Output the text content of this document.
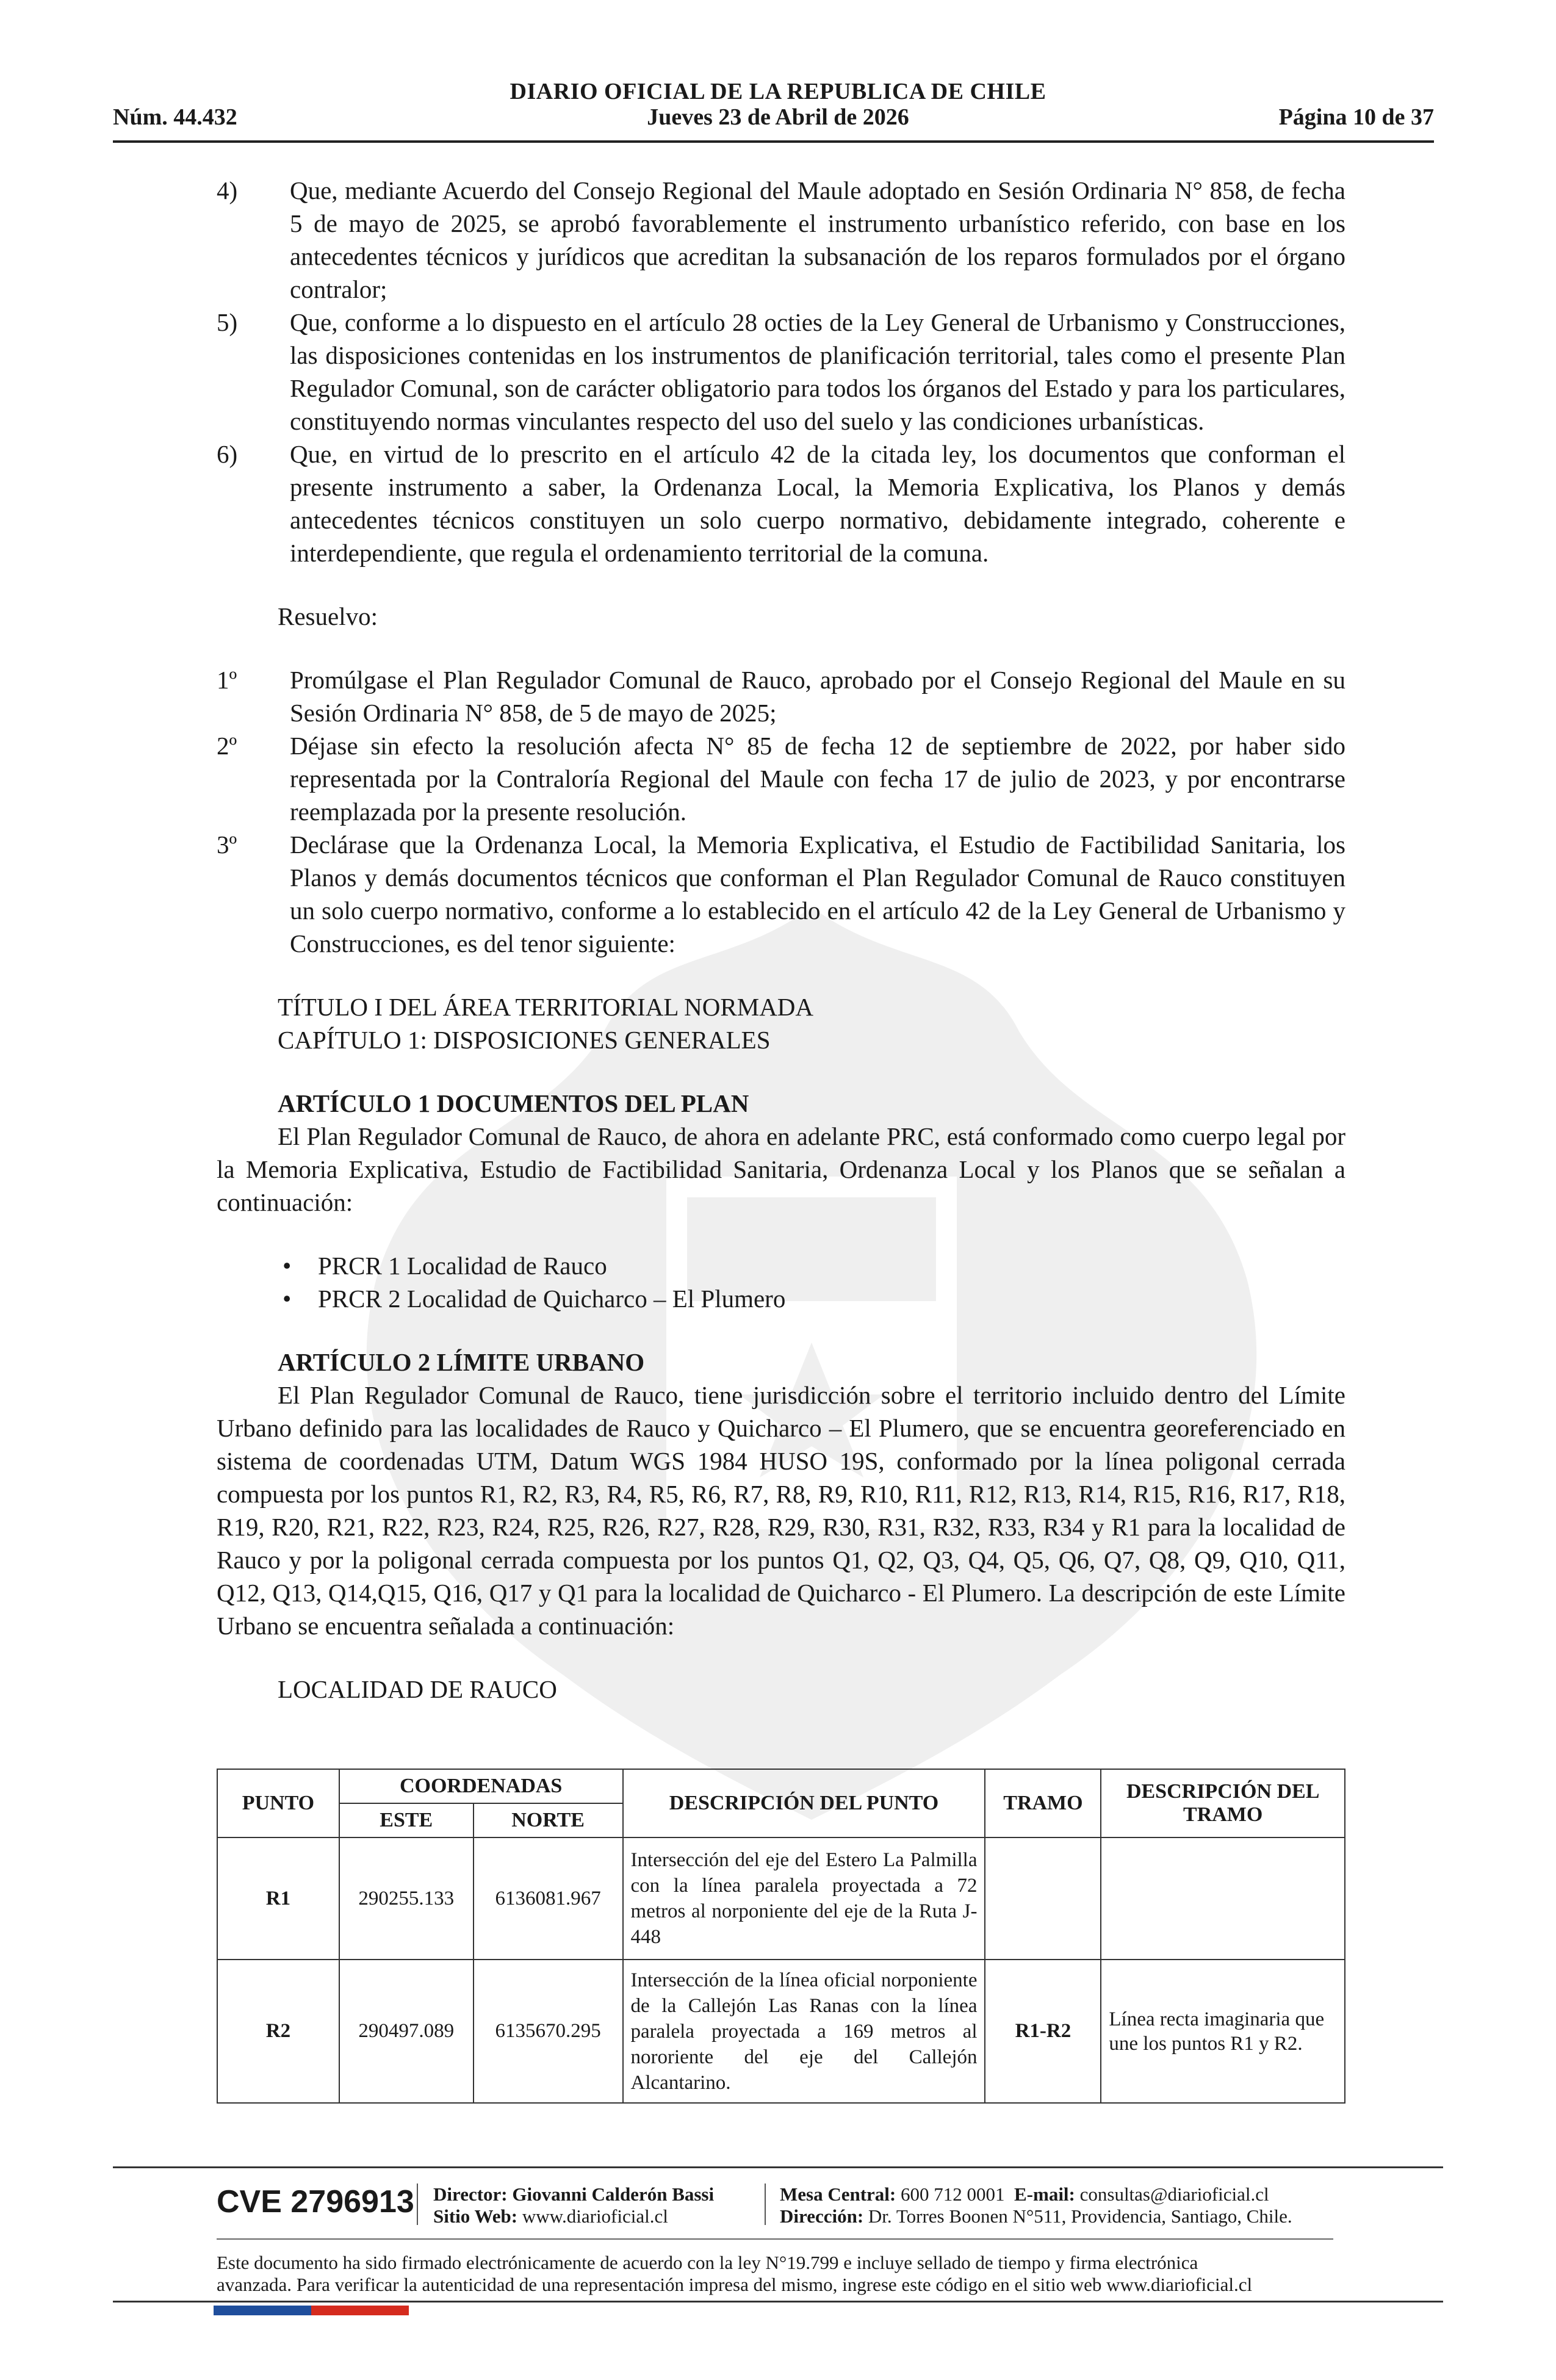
DIARIO OFICIAL DE LA REPUBLICA DE CHILE
Jueves 23 de Abril de 2026
Núm. 44.432	Página 10 de 37
4) Que, mediante Acuerdo del Consejo Regional del Maule adoptado en Sesión Ordinaria N° 858, de fecha 5 de mayo de 2025, se aprobó favorablemente el instrumento urbanístico referido, con base en los antecedentes técnicos y jurídicos que acreditan la subsanación de los reparos formulados por el órgano contralor;
5) Que, conforme a lo dispuesto en el artículo 28 octies de la Ley General de Urbanismo y Construcciones, las disposiciones contenidas en los instrumentos de planificación territorial, tales como el presente Plan Regulador Comunal, son de carácter obligatorio para todos los órganos del Estado y para los particulares, constituyendo normas vinculantes respecto del uso del suelo y las condiciones urbanísticas.
6) Que, en virtud de lo prescrito en el artículo 42 de la citada ley, los documentos que conforman el presente instrumento a saber, la Ordenanza Local, la Memoria Explicativa, los Planos y demás antecedentes técnicos constituyen un solo cuerpo normativo, debidamente integrado, coherente e interdependiente, que regula el ordenamiento territorial de la comuna.
Resuelvo:
1º Promúlgase el Plan Regulador Comunal de Rauco, aprobado por el Consejo Regional del Maule en su Sesión Ordinaria N° 858, de 5 de mayo de 2025;
2º Déjase sin efecto la resolución afecta N° 85 de fecha 12 de septiembre de 2022, por haber sido representada por la Contraloría Regional del Maule con fecha 17 de julio de 2023, y por encontrarse reemplazada por la presente resolución.
3º Declárase que la Ordenanza Local, la Memoria Explicativa, el Estudio de Factibilidad Sanitaria, los Planos y demás documentos técnicos que conforman el Plan Regulador Comunal de Rauco constituyen un solo cuerpo normativo, conforme a lo establecido en el artículo 42 de la Ley General de Urbanismo y Construcciones, es del tenor siguiente:
TÍTULO I DEL ÁREA TERRITORIAL NORMADA
CAPÍTULO 1: DISPOSICIONES GENERALES
ARTÍCULO 1 DOCUMENTOS DEL PLAN
El Plan Regulador Comunal de Rauco, de ahora en adelante PRC, está conformado como cuerpo legal por la Memoria Explicativa, Estudio de Factibilidad Sanitaria, Ordenanza Local y los Planos que se señalan a continuación:
• PRCR 1 Localidad de Rauco
• PRCR 2 Localidad de Quicharco – El Plumero
ARTÍCULO 2 LÍMITE URBANO
El Plan Regulador Comunal de Rauco, tiene jurisdicción sobre el territorio incluido dentro del Límite Urbano definido para las localidades de Rauco y Quicharco – El Plumero, que se encuentra georeferenciado en sistema de coordenadas UTM, Datum WGS 1984 HUSO 19S, conformado por la línea poligonal cerrada compuesta por los puntos R1, R2, R3, R4, R5, R6, R7, R8, R9, R10, R11, R12, R13, R14, R15, R16, R17, R18, R19, R20, R21, R22, R23, R24, R25, R26, R27, R28, R29, R30, R31, R32, R33, R34 y R1 para la localidad de Rauco y por la poligonal cerrada compuesta por los puntos Q1, Q2, Q3, Q4, Q5, Q6, Q7, Q8, Q9, Q10, Q11, Q12, Q13, Q14,Q15, Q16, Q17 y Q1 para la localidad de Quicharco - El Plumero. La descripción de este Límite Urbano se encuentra señalada a continuación:
LOCALIDAD DE RAUCO
PUNTO	COORDENADAS		DESCRIPCIÓN DEL PUNTO	TRAMO	DESCRIPCIÓN DEL TRAMO
	ESTE	NORTE			
R1	290255.133	6136081.967	Intersección del eje del Estero La Palmilla con la línea paralela proyectada a 72 metros al norponiente del eje de la Ruta J-448		
R2	290497.089	6135670.295	Intersección de la línea oficial norponiente de la Callejón Las Ranas con la línea paralela proyectada a 169 metros al nororiente del eje del Callejón Alcantarino.	R1-R2	Línea recta imaginaria que une los puntos R1 y R2.
CVE 2796913 Director: Giovanni Calderón Bassi
Sitio Web: www.diarioficial.cl
Mesa Central: 600 712 0001 E-mail: consultas@diarioficial.cl
Dirección: Dr. Torres Boonen N°511, Providencia, Santiago, Chile.
Este documento ha sido firmado electrónicamente de acuerdo con la ley N°19.799 e incluye sellado de tiempo y firma electrónica
avanzada. Para verificar la autenticidad de una representación impresa del mismo, ingrese este código en el sitio web www.diarioficial.cl
